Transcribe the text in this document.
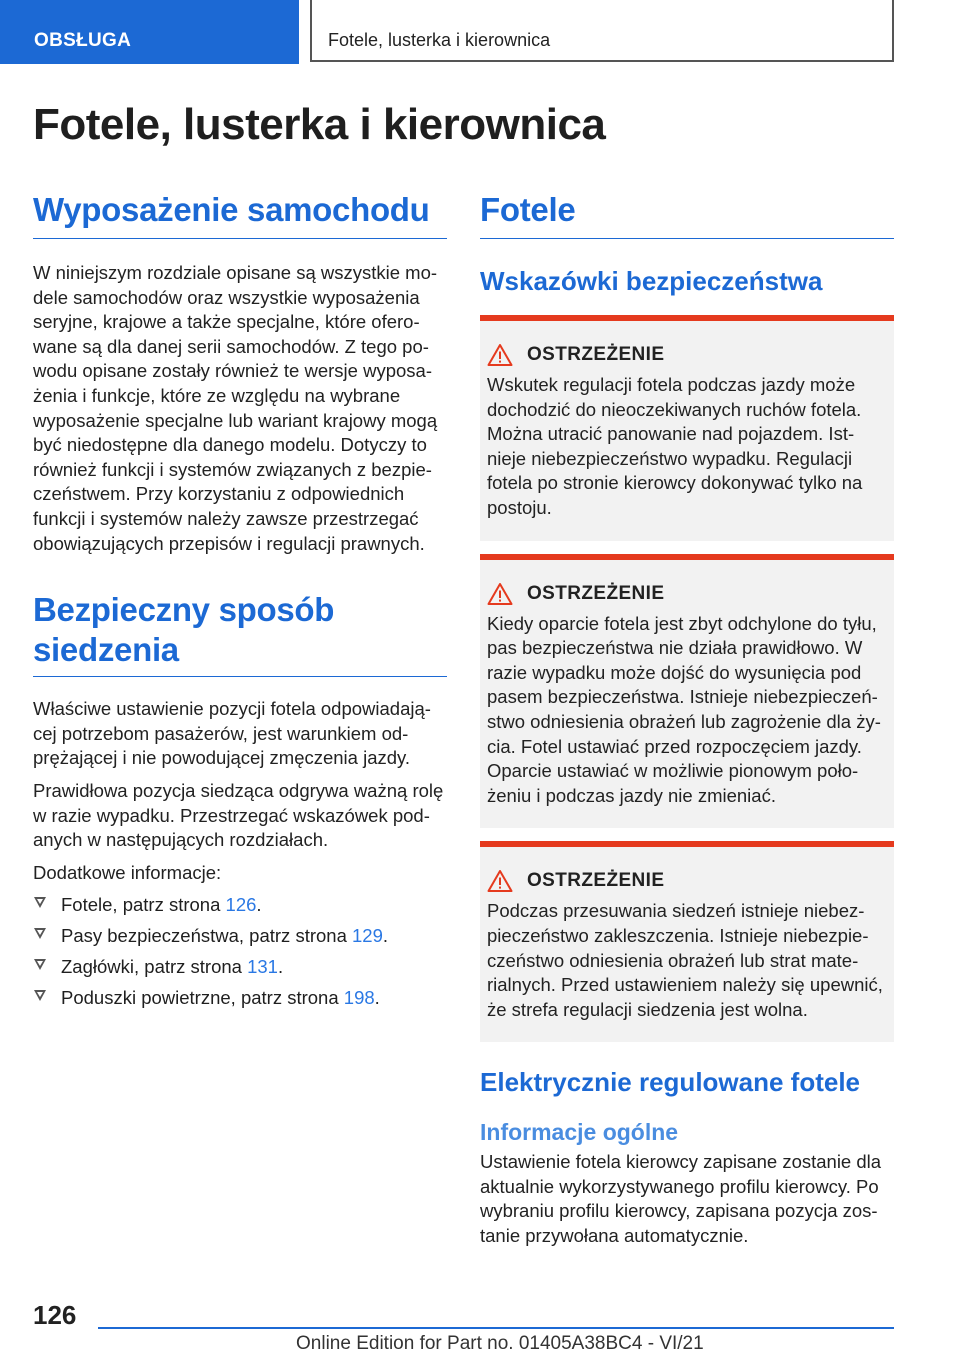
OBSŁUGA	Fotele, lusterka i kierownica
Fotele, lusterka i kierownica
Wyposażenie samochodu

W niniejszym rozdziale opisane są wszystkie modele samochodów oraz wszystkie wyposażenia seryjne, krajowe a także specjalne, które oferowane są dla danej serii samochodów. Z tego powodu opisane zostały również te wersje wyposażenia i funkcje, które ze względu na wybrane wyposażenie specjalne lub wariant krajowy mogą być niedostępne dla danego modelu. Dotyczy to również funkcji i systemów związanych z bezpieczeństwem. Przy korzystaniu z odpowiednich funkcji i systemów należy zawsze przestrzegać obowiązujących przepisów i regulacji prawnych.

Bezpieczny sposób siedzenia

Właściwe ustawienie pozycji fotela odpowiadającej potrzebom pasażerów, jest warunkiem odprężającej i nie powodującej zmęczenia jazdy.

Prawidłowa pozycja siedząca odgrywa ważną rolę w razie wypadku. Przestrzegać wskazówek podanych w następujących rozdziałach.

Dodatkowe informacje:

Fotele, patrz strona 126.
Pasy bezpieczeństwa, patrz strona 129.
Zagłówki, patrz strona 131.
Poduszki powietrzne, patrz strona 198.
Fotele
Wskazówki bezpieczeństwa
OSTRZEŻENIE

Wskutek regulacji fotela podczas jazdy może dochodzić do nieoczekiwanych ruchów fotela. Można utracić panowanie nad pojazdem. Istnieje niebezpieczeństwo wypadku. Regulacji fotela po stronie kierowcy dokonywać tylko na postoju.

OSTRZEŻENIE

Kiedy oparcie fotela jest zbyt odchylone do tyłu, pas bezpieczeństwa nie działa prawidłowo. W razie wypadku może dojść do wysunięcia pod pasem bezpieczeństwa. Istnieje niebezpieczeństwo odniesienia obrażeń lub zagrożenie dla życia. Fotel ustawiać przed rozpoczęciem jazdy. Oparcie ustawiać w możliwie pionowym położeniu i podczas jazdy nie zmieniać.

OSTRZEŻENIE

Podczas przesuwania siedzeń istnieje niebezpieczeństwo zakleszczenia. Istnieje niebezpieczeństwo odniesienia obrażeń lub strat materialnych. Przed ustawieniem należy się upewnić, że strefa regulacji siedzenia jest wolna.

Elektrycznie regulowane fotele
Informacje ogólne

Ustawienie fotela kierowcy zapisane zostanie dla aktualnie wykorzystywanego profilu kierowcy. Po wybraniu profilu kierowcy, zapisana pozycja zostanie przywołana automatycznie.

126
Online Edition for Part no. 01405A38BC4 - VI/21
